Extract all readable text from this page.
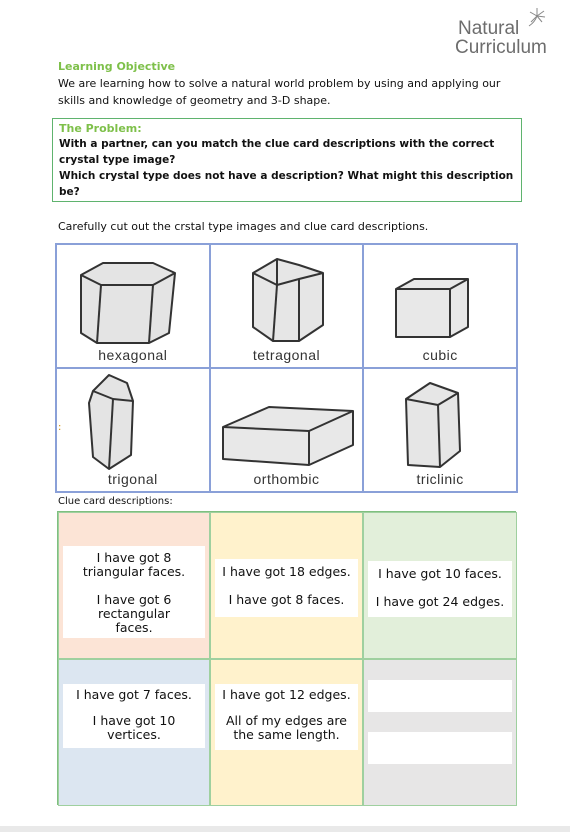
Natural
Curriculum
Learning Objective
We are learning how to solve a natural world problem by using and applying our skills and knowledge of geometry and 3-D shape.
The Problem:
With a partner, can you match the clue card descriptions with the correct crystal type image?
Which crystal type does not have a description? What might this description be?
Carefully cut out the crstal type images and clue card descriptions.
hexagonal	tetragonal	cubic
trigonal	orthombic	triclinic
:
Clue card descriptions:
I have got 8
triangular faces.
I have got 6
rectangular
faces.
I have got 18 edges.
I have got 8 faces.
I have got 10 faces.
I have got 24 edges.
I have got 7 faces.
I have got 10
vertices.
I have got 12 edges.
All of my edges are
the same length.
